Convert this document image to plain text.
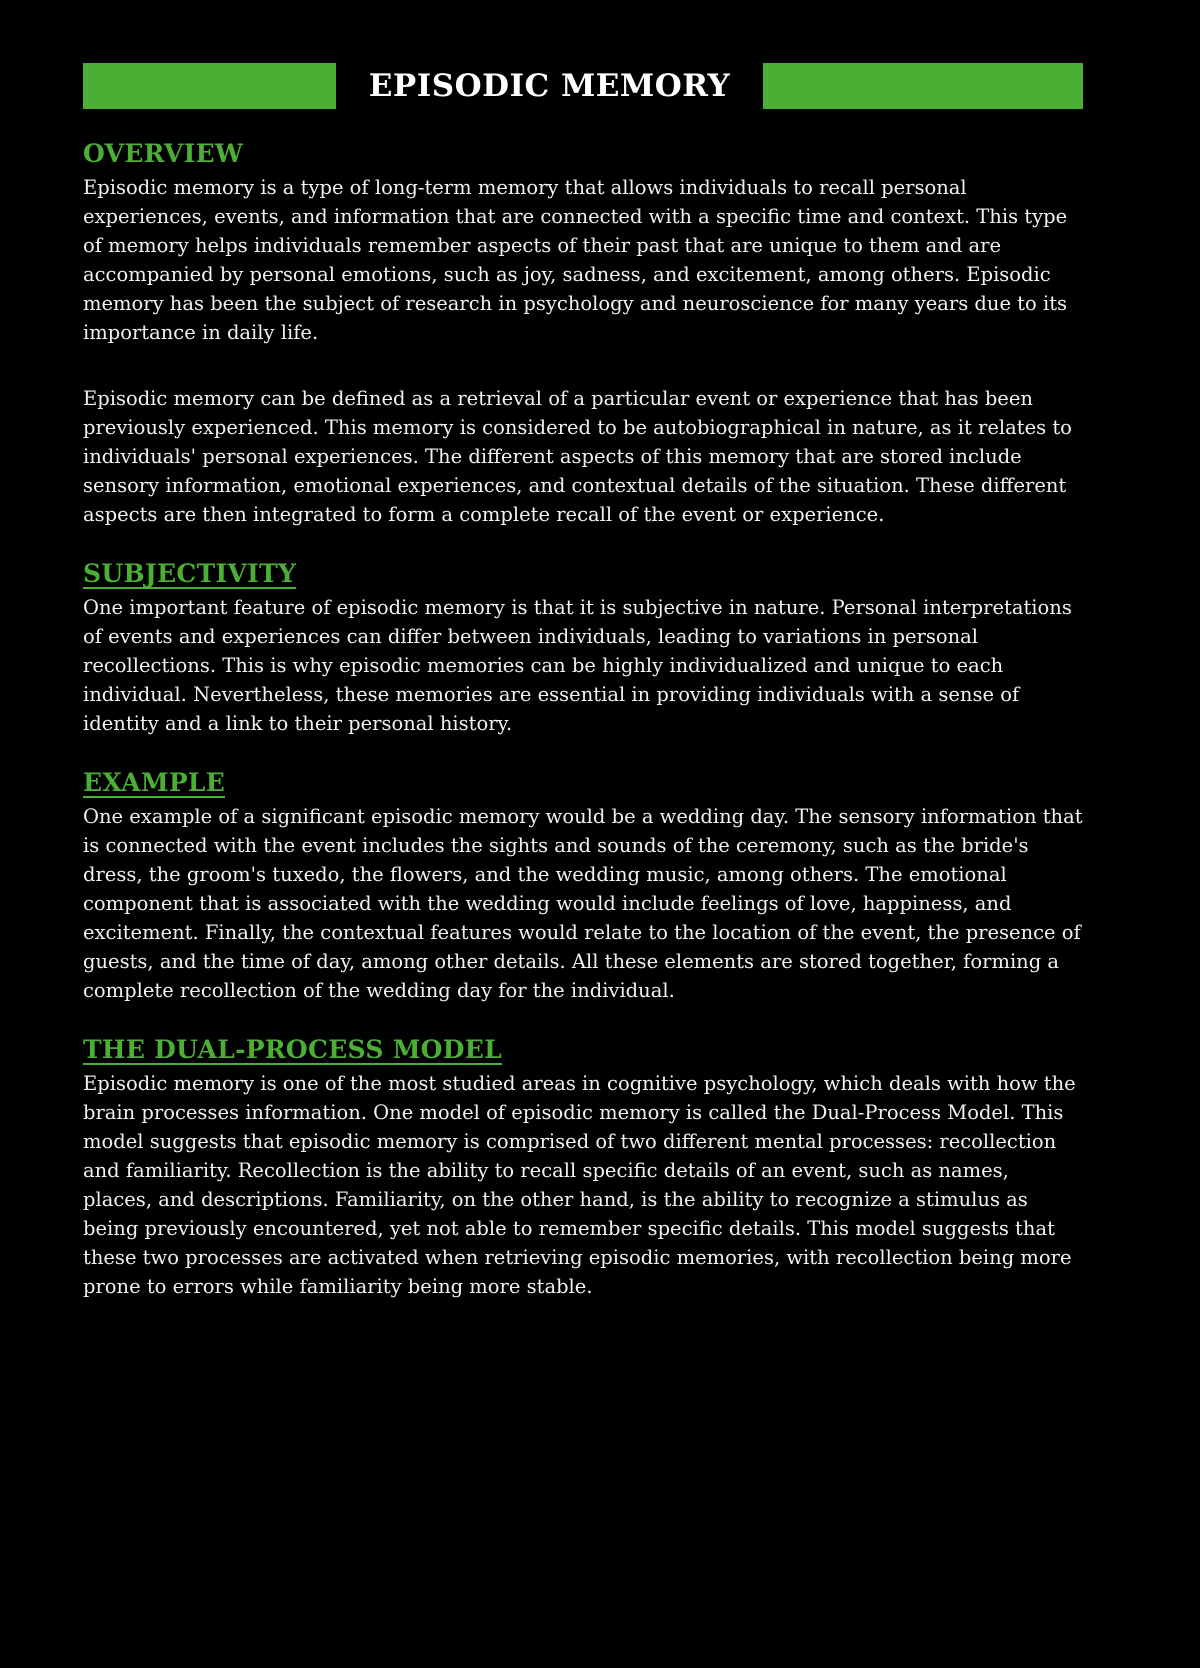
EPISODIC MEMORY
OVERVIEW

Episodic memory is a type of long-term memory that allows individuals to recall personal experiences, events, and information that are connected with a specific time and context. This type of memory helps individuals remember aspects of their past that are unique to them and are accompanied by personal emotions, such as joy, sadness, and excitement, among others. Episodic memory has been the subject of research in psychology and neuroscience for many years due to its importance in daily life.

Episodic memory can be defined as a retrieval of a particular event or experience that has been previously experienced. This memory is considered to be autobiographical in nature, as it relates to individuals' personal experiences. The different aspects of this memory that are stored include sensory information, emotional experiences, and contextual details of the situation. These different aspects are then integrated to form a complete recall of the event or experience.

SUBJECTIVITY

One important feature of episodic memory is that it is subjective in nature. Personal interpretations of events and experiences can differ between individuals, leading to variations in personal recollections. This is why episodic memories can be highly individualized and unique to each individual. Nevertheless, these memories are essential in providing individuals with a sense of identity and a link to their personal history.

EXAMPLE

One example of a significant episodic memory would be a wedding day. The sensory information that is connected with the event includes the sights and sounds of the ceremony, such as the bride's dress, the groom's tuxedo, the flowers, and the wedding music, among others. The emotional component that is associated with the wedding would include feelings of love, happiness, and excitement. Finally, the contextual features would relate to the location of the event, the presence of guests, and the time of day, among other details. All these elements are stored together, forming a complete recollection of the wedding day for the individual.

THE DUAL-PROCESS MODEL

Episodic memory is one of the most studied areas in cognitive psychology, which deals with how the brain processes information. One model of episodic memory is called the Dual-Process Model. This model suggests that episodic memory is comprised of two different mental processes: recollection and familiarity. Recollection is the ability to recall specific details of an event, such as names, places, and descriptions. Familiarity, on the other hand, is the ability to recognize a stimulus as being previously encountered, yet not able to remember specific details. This model suggests that these two processes are activated when retrieving episodic memories, with recollection being more prone to errors while familiarity being more stable.
